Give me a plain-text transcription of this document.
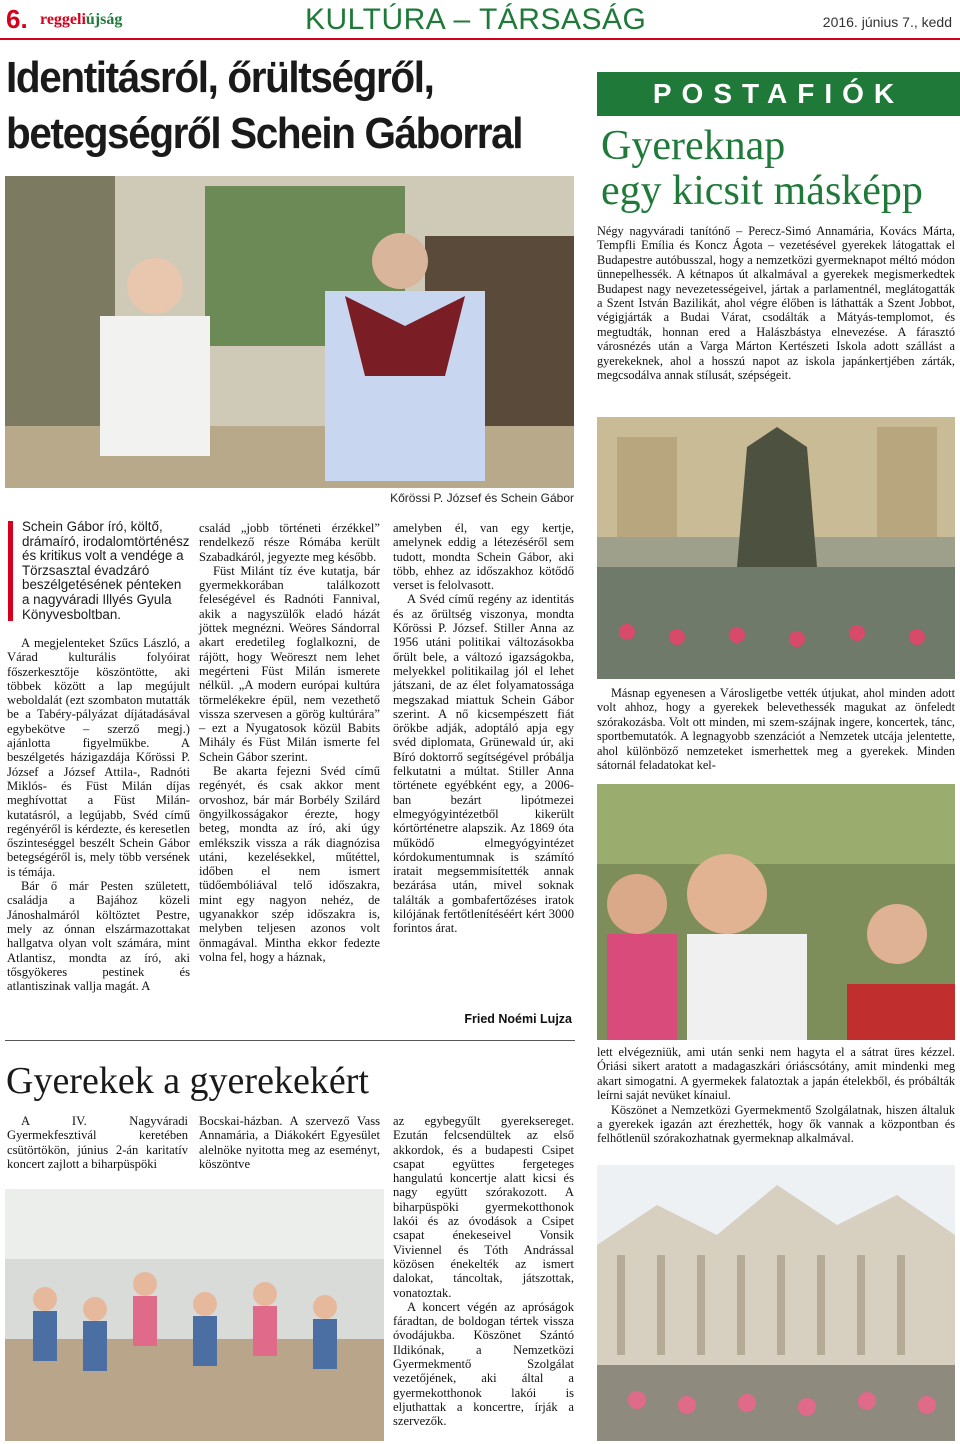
6. reggeliújság	KULTÚRA – TÁRSASÁG	2016. június 7., kedd
Identitásról, őrültségről,
betegségről Schein Gáborral
Kőrössi P. József és Schein Gábor
Schein Gábor író, költő, drámaíró, irodalomtörténész és kritikus volt a vendége a Törzsasztal évadzáró beszélgetésének pénteken a nagyváradi Illyés Gyula Könyvesboltban.

A megjelenteket Szűcs László, a Várad kulturális folyóirat főszerkesztője köszöntötte, aki többek között a lap megújult weboldalát (ezt szombaton mutatták be a Tabéry-pályázat díjátadásával egybekötve – szerző megj.) ajánlotta figyelmükbe. A beszélgetés házigazdája Kőrössi P. József a József Attila-, Radnóti Miklós- és Füst Milán díjas meghívottat a Füst Milán-kutatásról, a legújabb, Svéd című regényéről is kérdezte, és keresetlen őszinteséggel beszélt Schein Gábor betegségéről is, mely több versének is témája.

Bár ő már Pesten született, családja a Bajához közeli Jánoshalmáról költöztet Pestre, mely az ónnan elszármazottakat hallgatva olyan volt számára, mint Atlantisz, mondta az író, aki tősgyökeres pestinek és atlantiszinak vallja magát. A

család „jobb történeti érzékkel” rendelkező része Rómába került Szabadkáról, jegyezte meg később.

Füst Milánt tíz éve kutatja, bár gyermekkorában találkozott feleségével és Radnóti Fannival, akik a nagyszülők eladó házát jöttek megnézni. Weöres Sándorral akart eredetileg foglalkozni, de rájött, hogy Weöreszt nem lehet megérteni Füst Milán ismerete nélkül. „A modern európai kultúra törmelékekre épül, nem vezethető vissza szervesen a görög kultúrára” – ezt a Nyugatosok közül Babits Mihály és Füst Milán ismerte fel Schein Gábor szerint.

Be akarta fejezni Svéd című regényét, és csak akkor ment orvoshoz, bár már Borbély Szilárd öngyilkosságakor érezte, hogy beteg, mondta az író, aki úgy emlékszik vissza a rák diagnózisa utáni, kezelésekkel, műtéttel, időben el nem ismert tüdőembóliával telő időszakra, mint egy nagyon nehéz, de ugyanakkor szép időszakra is, melyben teljesen azonos volt önmagával. Mintha ekkor fedezte volna fel, hogy a háznak,

amelyben él, van egy kertje, amelynek eddig a létezéséről sem tudott, mondta Schein Gábor, aki több, ehhez az időszakhoz kötődő verset is felolvasott.

A Svéd című regény az identitás és az őrültség viszonya, mondta Kőrössi P. József. Stiller Anna az 1956 utáni politikai változásokba őrült bele, a változó igazságokba, melyekkel politikailag jól el lehet játszani, de az élet folyamatossága megszakad miattuk Schein Gábor szerint. A nő kicsempészett fiát örökbe adják, adoptáló apja egy svéd diplomata, Grünewald úr, aki Bíró doktorrő segítségével próbálja felkutatni a múltat. Stiller Anna története egyébként egy, a 2006-ban bezárt lipótmezei elmegyógyintézetből kikerült kórtörténetre alapszik. Az 1869 óta működő elmegyógyintézet kórdokumentumnak is számító iratait megsemmisítették annak bezárása után, mivel soknak találták a gombafertőzéses iratok kilójának fertőtlenítéséért kért 3000 forintos árat.

Fried Noémi Lujza
POSTAFIÓK
Gyereknap
egy kicsit másképp

Négy nagyváradi tanítónő – Perecz-Simó Annamária, Kovács Márta, Tempfli Emília és Koncz Ágota – vezetésével gyerekek látogattak el Budapestre autóbusszal, hogy a nemzetközi gyermeknapot méltó módon ünnepelhessék. A kétnapos út alkalmával a gyerekek megismerkedtek Budapest nagy nevezetességeivel, jártak a parlamentnél, meglátogatták a Szent István Bazilikát, ahol végre élőben is láthatták a Szent Jobbot, végigjárták a Budai Várat, csodálták a Mátyás-templomot, és megtudták, honnan ered a Halászbástya elnevezése. A fárasztó városnézés után a Varga Márton Kertészeti Iskola adott szállást a gyerekeknek, ahol a hosszú napot az iskola japánkertjében zárták, megcsodálva annak stílusát, szépségeit.

Másnap egyenesen a Városligetbe vették útjukat, ahol minden adott volt ahhoz, hogy a gyerekek belevethessék magukat az önfeledt szórakozásba. Volt ott minden, mi szem-szájnak ingere, koncertek, tánc, sportbemutatók. A legnagyobb szenzációt a Nemzetek utcája jelentette, ahol különböző nemzeteket ismerhettek meg a gyerekek. Minden sátornál feladatokat kel-

lett elvégezniük, ami után senki nem hagyta el a sátrat üres kézzel. Óriási sikert aratott a madagaszkári óriáscsótány, amit mindenki meg akart simogatni. A gyermekek falatoztak a japán ételekből, és próbálták leírni saját nevüket kínaiul.

Köszönet a Nemzetközi Gyermekmentő Szolgálatnak, hiszen általuk a gyerekek igazán azt érezhették, hogy ők vannak a központban és felhőtlenül szórakozhatnak gyermeknap alkalmával.

Gyerekek a gyerekekért

A IV. Nagyváradi Gyermekfesztivál keretében csütörtökön, június 2-án karitatív koncert zajlott a biharpüspöki

Bocskai-házban. A szervező Vass Annamária, a Diákokért Egyesület alelnöke nyitotta meg az eseményt, köszöntve

az egybegyűlt gyereksereget. Ezután felcsendültek az első akkordok, és a budapesti Csipet csapat együttes fergeteges hangulatú koncertje alatt kicsi és nagy együtt szórakozott. A biharpüspöki gyermekotthonok lakói és az óvodások a Csipet csapat énekeseivel Vonsik Viviennel és Tóth Andrással közösen énekelték az ismert dalokat, táncoltak, játszottak, vonatoztak.

A koncert végén az apróságok fáradtan, de boldogan tértek vissza óvodájukba. Köszönet Szántó Ildikónak, a Nemzetközi Gyermekmentő Szolgálat vezetőjének, aki által a gyermekotthonok lakói is eljuthattak a koncertre, írják a szervezők.
